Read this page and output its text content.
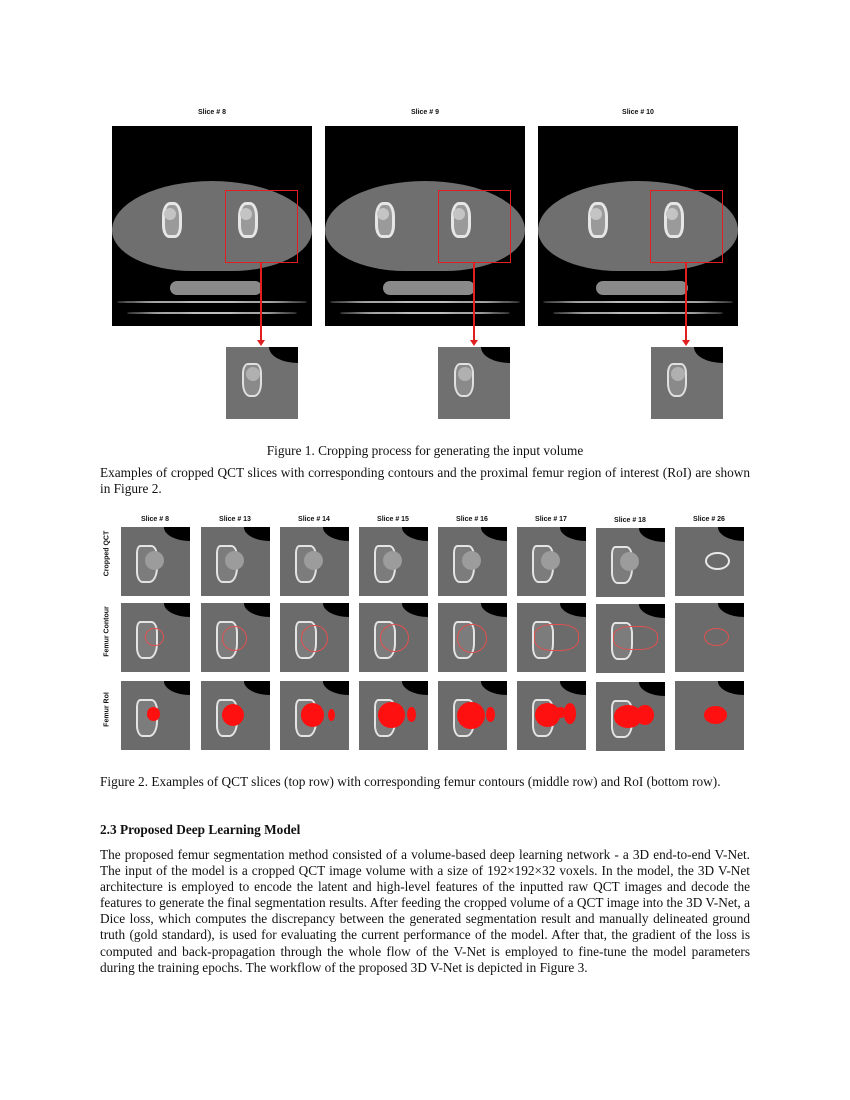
Slice # 8	Slice # 9	Slice # 10
Figure 1. Cropping process for generating the input volume
Examples of cropped QCT slices with corresponding contours and the proximal femur region of interest (RoI) are shown in Figure 2.
Cropped QCT
Femur Contour
Femur RoI
Slice # 8	Slice # 13	Slice # 14	Slice # 15	Slice # 16	Slice # 17	Slice # 18	Slice # 26
Figure 2. Examples of QCT slices (top row) with corresponding femur contours (middle row) and RoI (bottom row).
2.3 Proposed Deep Learning Model
The proposed femur segmentation method consisted of a volume-based deep learning network - a 3D end-to-end V-Net. The input of the model is a cropped QCT image volume with a size of 192×192×32 voxels. In the model, the 3D V-Net architecture is employed to encode the latent and high-level features of the inputted raw QCT images and decode the features to generate the final segmentation results. After feeding the cropped volume of a QCT image into the 3D V-Net, a Dice loss, which computes the discrepancy between the generated segmentation result and manually delineated ground truth (gold standard), is used for evaluating the current performance of the model. After that, the gradient of the loss is computed and back-propagation through the whole flow of the V-Net is employed to fine-tune the model parameters during the training epochs. The workflow of the proposed 3D V-Net is depicted in Figure 3.
